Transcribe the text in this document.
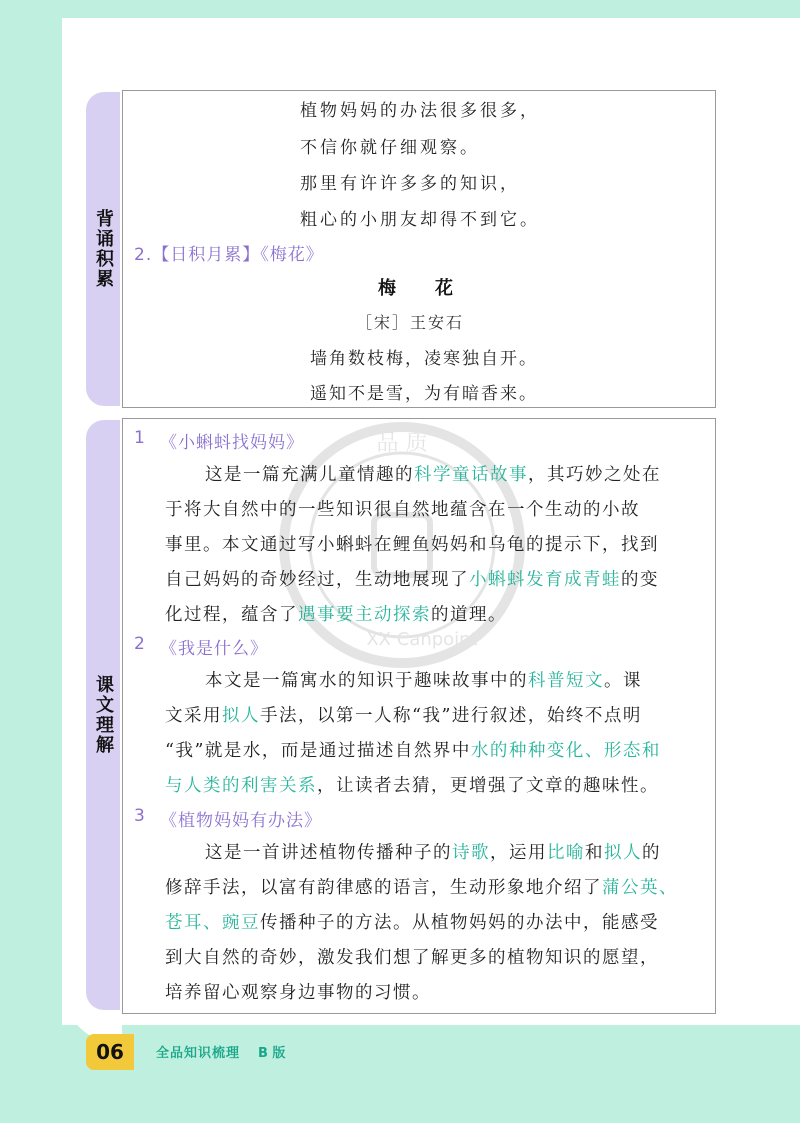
背诵积累
植物妈妈的办法很多很多，
不信你就仔细观察。
那里有许许多多的知识，
粗心的小朋友却得不到它。
2.【日积月累】《梅花》
梅　　花
［宋］王安石
墙角数枝梅，凌寒独自开。
遥知不是雪，为有暗香来。
课文理解
品 质
XX Canpoint
1 《小蝌蚪找妈妈》
这是一篇充满儿童情趣的科学童话故事，其巧妙之处在
于将大自然中的一些知识很自然地蕴含在一个生动的小故
事里。本文通过写小蝌蚪在鲤鱼妈妈和乌龟的提示下，找到
自己妈妈的奇妙经过，生动地展现了小蝌蚪发育成青蛙的变
化过程，蕴含了遇事要主动探索的道理。
2 《我是什么》
本文是一篇寓水的知识于趣味故事中的科普短文。课
文采用拟人手法，以第一人称“我”进行叙述，始终不点明
“我”就是水，而是通过描述自然界中水的种种变化、形态和
与人类的利害关系，让读者去猜，更增强了文章的趣味性。
3 《植物妈妈有办法》
这是一首讲述植物传播种子的诗歌，运用比喻和拟人的
修辞手法，以富有韵律感的语言，生动形象地介绍了蒲公英、
苍耳、豌豆传播种子的方法。从植物妈妈的办法中，能感受
到大自然的奇妙，激发我们想了解更多的植物知识的愿望，
培养留心观察身边事物的习惯。
06	全品知识梳理 B 版
